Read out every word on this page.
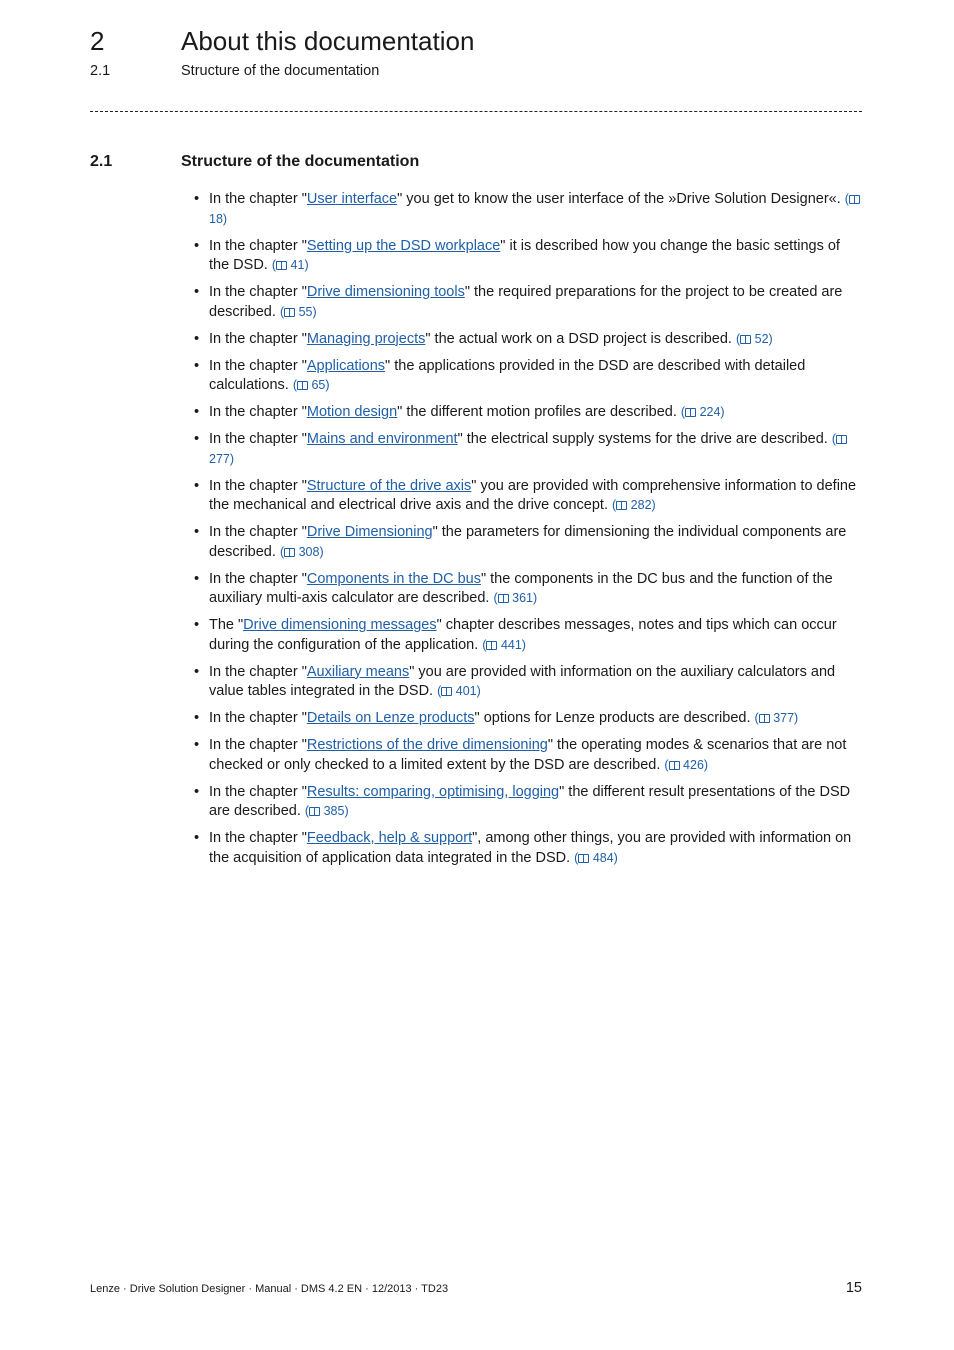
2	About this documentation
2.1	Structure of the documentation
2.1	Structure of the documentation
• In the chapter "User interface" you get to know the user interface of the »Drive Solution Designer«. ( 18)
• In the chapter "Setting up the DSD workplace" it is described how you change the basic settings of the DSD. ( 41)
• In the chapter "Drive dimensioning tools" the required preparations for the project to be created are described. ( 55)
• In the chapter "Managing projects" the actual work on a DSD project is described. ( 52)
• In the chapter "Applications" the applications provided in the DSD are described with detailed calculations. ( 65)
• In the chapter "Motion design" the different motion profiles are described. ( 224)
• In the chapter "Mains and environment" the electrical supply systems for the drive are described. ( 277)
• In the chapter "Structure of the drive axis" you are provided with comprehensive information to define the mechanical and electrical drive axis and the drive concept. ( 282)
• In the chapter "Drive Dimensioning" the parameters for dimensioning the individual components are described. ( 308)
• In the chapter "Components in the DC bus" the components in the DC bus and the function of the auxiliary multi-axis calculator are described. ( 361)
• The "Drive dimensioning messages" chapter describes messages, notes and tips which can occur during the configuration of the application. ( 441)
• In the chapter "Auxiliary means" you are provided with information on the auxiliary calculators and value tables integrated in the DSD. ( 401)
• In the chapter "Details on Lenze products" options for Lenze products are described. ( 377)
• In the chapter "Restrictions of the drive dimensioning" the operating modes & scenarios that are not checked or only checked to a limited extent by the DSD are described. ( 426)
• In the chapter "Results: comparing, optimising, logging" the different result presentations of the DSD are described. ( 385)
• In the chapter "Feedback, help & support", among other things, you are provided with information on the acquisition of application data integrated in the DSD. ( 484)
Lenze · Drive Solution Designer · Manual · DMS 4.2 EN · 12/2013 · TD23	15
